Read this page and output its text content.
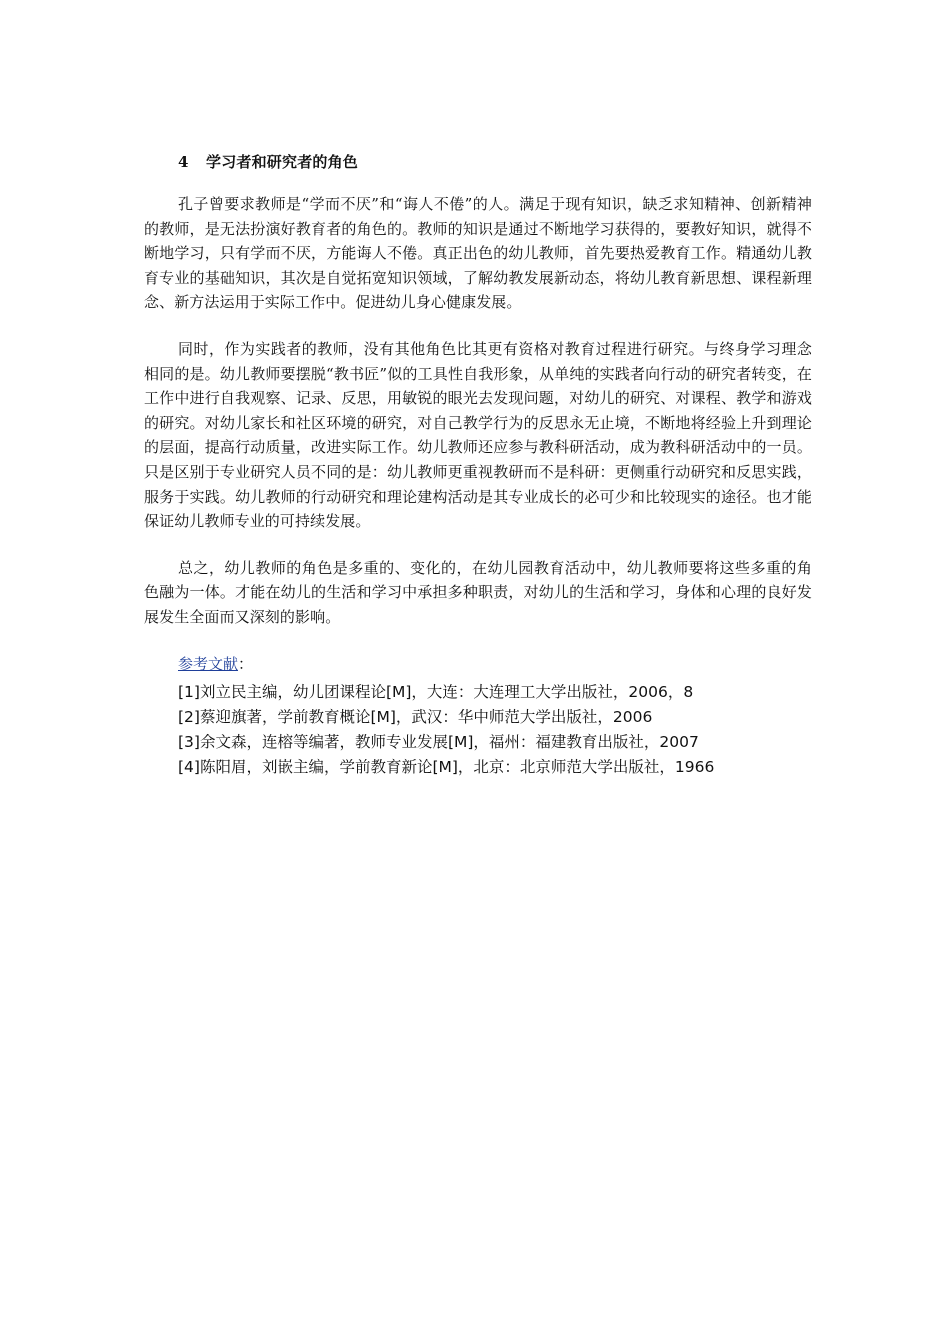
4 学习者和研究者的角色

孔子曾要求教师是“学而不厌”和“诲人不倦”的人。满足于现有知识，缺乏求知精神、创新精神的教师，是无法扮演好教育者的角色的。教师的知识是通过不断地学习获得的，要教好知识，就得不断地学习，只有学而不厌，方能诲人不倦。真正出色的幼儿教师，首先要热爱教育工作。精通幼儿教育专业的基础知识，其次是自觉拓宽知识领域，了解幼教发展新动态，将幼儿教育新思想、课程新理念、新方法运用于实际工作中。促进幼儿身心健康发展。

同时，作为实践者的教师，没有其他角色比其更有资格对教育过程进行研究。与终身学习理念相同的是。幼儿教师要摆脱“教书匠”似的工具性自我形象，从单纯的实践者向行动的研究者转变，在工作中进行自我观察、记录、反思，用敏锐的眼光去发现问题，对幼儿的研究、对课程、教学和游戏的研究。对幼儿家长和社区环境的研究，对自己教学行为的反思永无止境，不断地将经验上升到理论的层面，提高行动质量，改进实际工作。幼儿教师还应参与教科研活动，成为教科研活动中的一员。只是区别于专业研究人员不同的是：幼儿教师更重视教研而不是科研：更侧重行动研究和反思实践，服务于实践。幼儿教师的行动研究和理论建构活动是其专业成长的必可少和比较现实的途径。也才能保证幼儿教师专业的可持续发展。

总之，幼儿教师的角色是多重的、变化的，在幼儿园教育活动中，幼儿教师要将这些多重的角色融为一体。才能在幼儿的生活和学习中承担多种职责，对幼儿的生活和学习，身体和心理的良好发展发生全面而又深刻的影响。

参考文献：

[1]刘立民主编，幼儿团课程论[M]，大连：大连理工大学出版社，2006，8
[2]蔡迎旗著，学前教育概论[M]，武汉：华中师范大学出版社，2006
[3]余文森，连榕等编著，教师专业发展[M]，福州：福建教育出版社，2007
[4]陈阳眉，刘嵌主编，学前教育新论[M]，北京：北京师范大学出版社，1966
